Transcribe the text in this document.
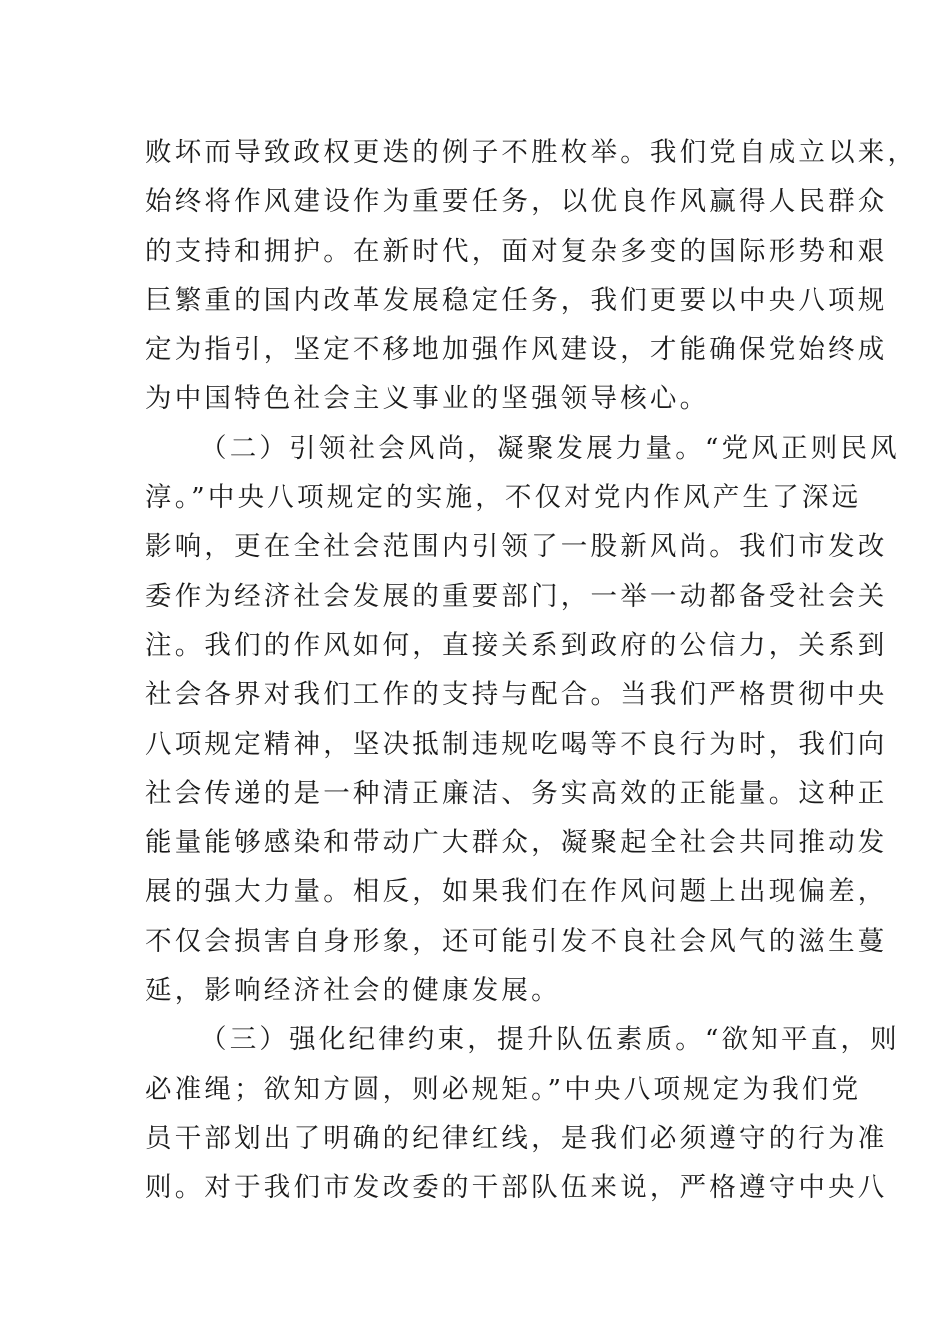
败坏而导致政权更迭的例子不胜枚举。我们党自成立以来，
始终将作风建设作为重要任务，以优良作风赢得人民群众
的支持和拥护。在新时代，面对复杂多变的国际形势和艰
巨繁重的国内改革发展稳定任务，我们更要以中央八项规
定为指引，坚定不移地加强作风建设，才能确保党始终成
为中国特色社会主义事业的坚强领导核心。
（二）引领社会风尚，凝聚发展力量。“党风正则民风
淳。”中央八项规定的实施，不仅对党内作风产生了深远
影响，更在全社会范围内引领了一股新风尚。我们市发改
委作为经济社会发展的重要部门，一举一动都备受社会关
注。我们的作风如何，直接关系到政府的公信力，关系到
社会各界对我们工作的支持与配合。当我们严格贯彻中央
八项规定精神，坚决抵制违规吃喝等不良行为时，我们向
社会传递的是一种清正廉洁、务实高效的正能量。这种正
能量能够感染和带动广大群众，凝聚起全社会共同推动发
展的强大力量。相反，如果我们在作风问题上出现偏差，
不仅会损害自身形象，还可能引发不良社会风气的滋生蔓
延，影响经济社会的健康发展。
（三）强化纪律约束，提升队伍素质。“欲知平直，则
必准绳；欲知方圆，则必规矩。”中央八项规定为我们党
员干部划出了明确的纪律红线，是我们必须遵守的行为准
则。对于我们市发改委的干部队伍来说，严格遵守中央八
